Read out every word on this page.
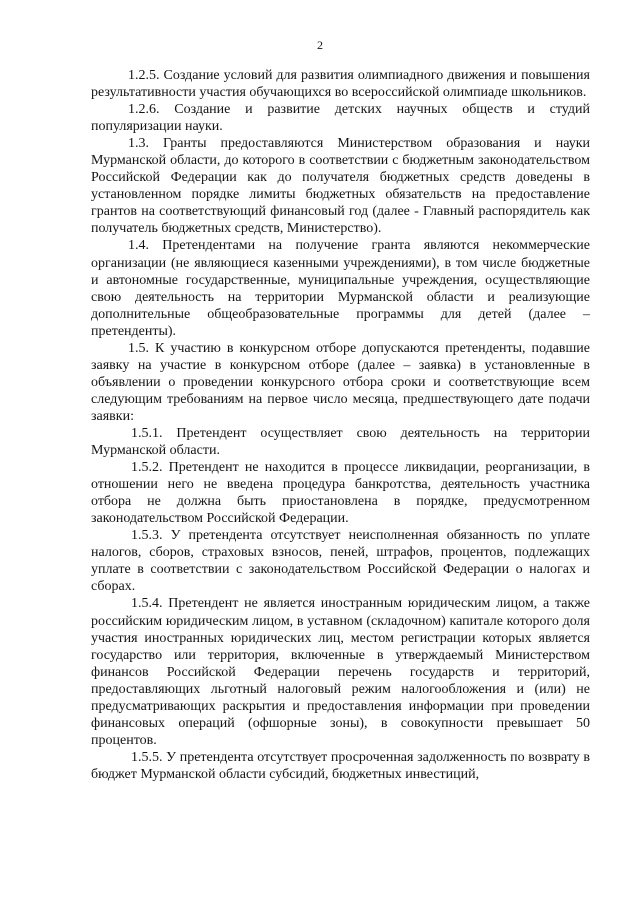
2

1.2.5. Создание условий для развития олимпиадного движения и повышения результативности участия обучающихся во всероссийской олимпиаде школьников.

1.2.6. Создание и развитие детских научных обществ и студий популяризации науки.

1.3. Гранты предоставляются Министерством образования и науки Мурманской области, до которого в соответствии с бюджетным законодательством Российской Федерации как до получателя бюджетных средств доведены в установленном порядке лимиты бюджетных обязательств на предоставление грантов на соответствующий финансовый год (далее - Главный распорядитель как получатель бюджетных средств, Министерство).

1.4. Претендентами на получение гранта являются некоммерческие организации (не являющиеся казенными учреждениями), в том числе бюджетные и автономные государственные, муниципальные учреждения, осуществляющие свою деятельность на территории Мурманской области и реализующие дополнительные общеобразовательные программы для детей (далее – претенденты).

1.5. К участию в конкурсном отборе допускаются претенденты, подавшие заявку на участие в конкурсном отборе (далее – заявка) в установленные в объявлении о проведении конкурсного отбора сроки и соответствующие всем следующим требованиям на первое число месяца, предшествующего дате подачи заявки:

1.5.1. Претендент осуществляет свою деятельность на территории Мурманской области.

1.5.2. Претендент не находится в процессе ликвидации, реорганизации, в отношении него не введена процедура банкротства, деятельность участника отбора не должна быть приостановлена в порядке, предусмотренном законодательством Российской Федерации.

1.5.3. У претендента отсутствует неисполненная обязанность по уплате налогов, сборов, страховых взносов, пеней, штрафов, процентов, подлежащих уплате в соответствии с законодательством Российской Федерации о налогах и сборах.

1.5.4. Претендент не является иностранным юридическим лицом, а также российским юридическим лицом, в уставном (складочном) капитале которого доля участия иностранных юридических лиц, местом регистрации которых является государство или территория, включенные в утверждаемый Министерством финансов Российской Федерации перечень государств и территорий, предоставляющих льготный налоговый режим налогообложения и (или) не предусматривающих раскрытия и предоставления информации при проведении финансовых операций (офшорные зоны), в совокупности превышает 50 процентов.

1.5.5. У претендента отсутствует просроченная задолженность по возврату в бюджет Мурманской области субсидий, бюджетных инвестиций,
